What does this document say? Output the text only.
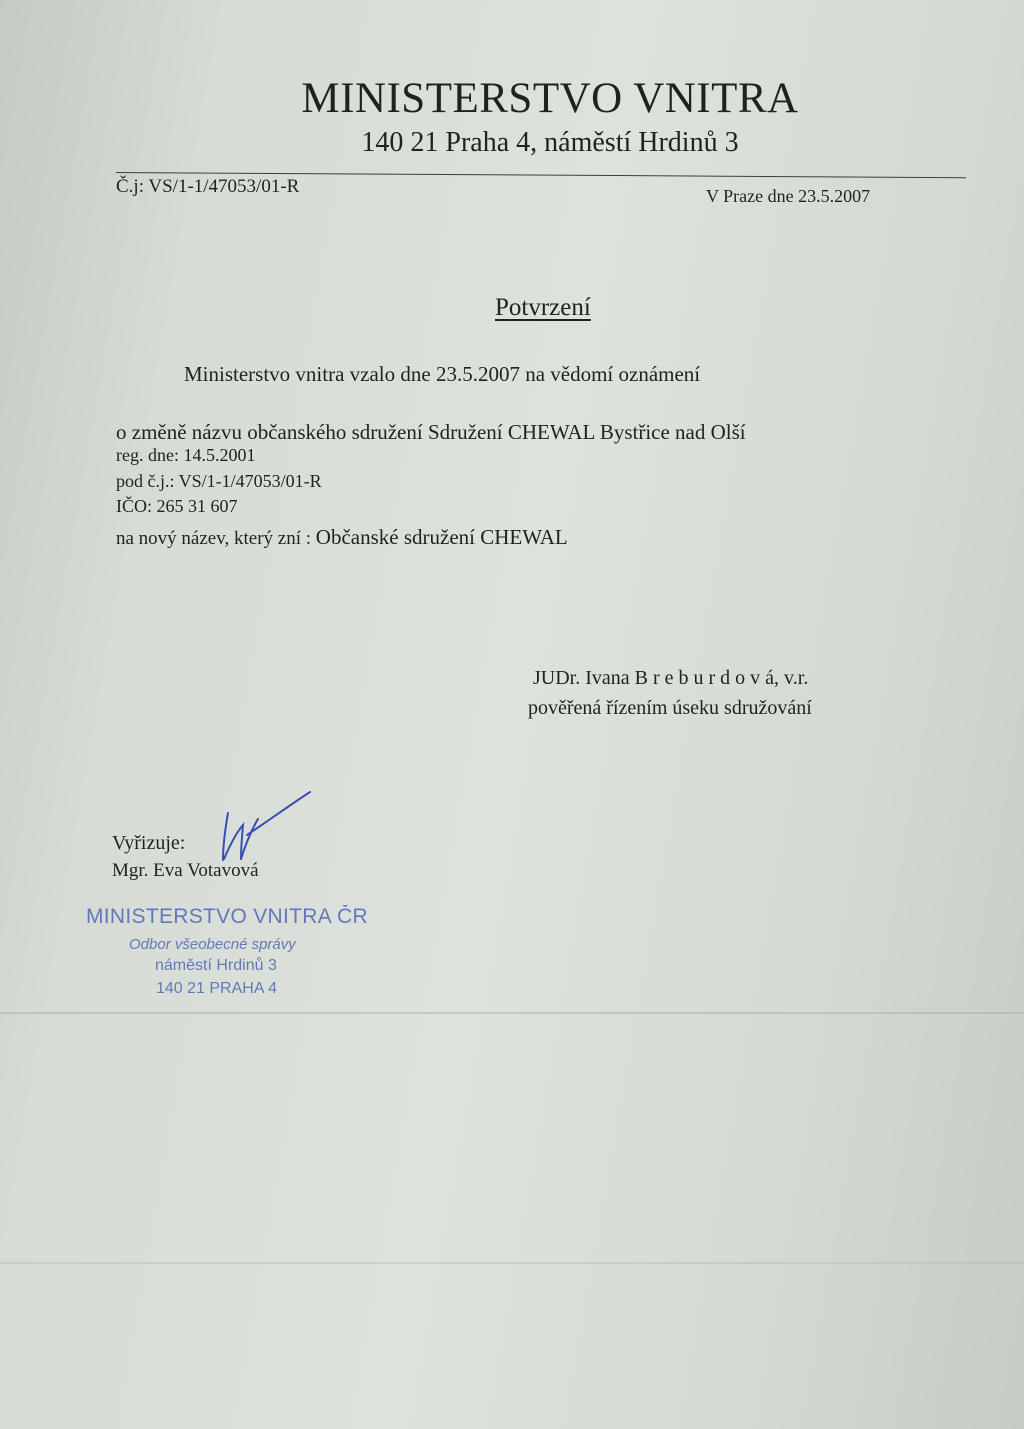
MINISTERSTVO VNITRA
140 21 Praha 4, náměstí Hrdinů 3
Č.j: VS/1-1/47053/01-R	V Praze dne 23.5.2007
Potvrzení
Ministerstvo vnitra vzalo dne 23.5.2007 na vědomí oznámení
o změně názvu občanského sdružení Sdružení CHEWAL Bystřice nad Olší
reg. dne: 14.5.2001
pod č.j.: VS/1-1/47053/01-R
IČO: 265 31 607
na nový název, který zní : Občanské sdružení CHEWAL
JUDr. Ivana B r e b u r d o v á, v.r.
pověřená řízením úseku sdružování
Vyřizuje:
Mgr. Eva Votavová
MINISTERSTVO VNITRA ČR
Odbor všeobecné správy
náměstí Hrdinů 3
140 21 PRAHA 4
